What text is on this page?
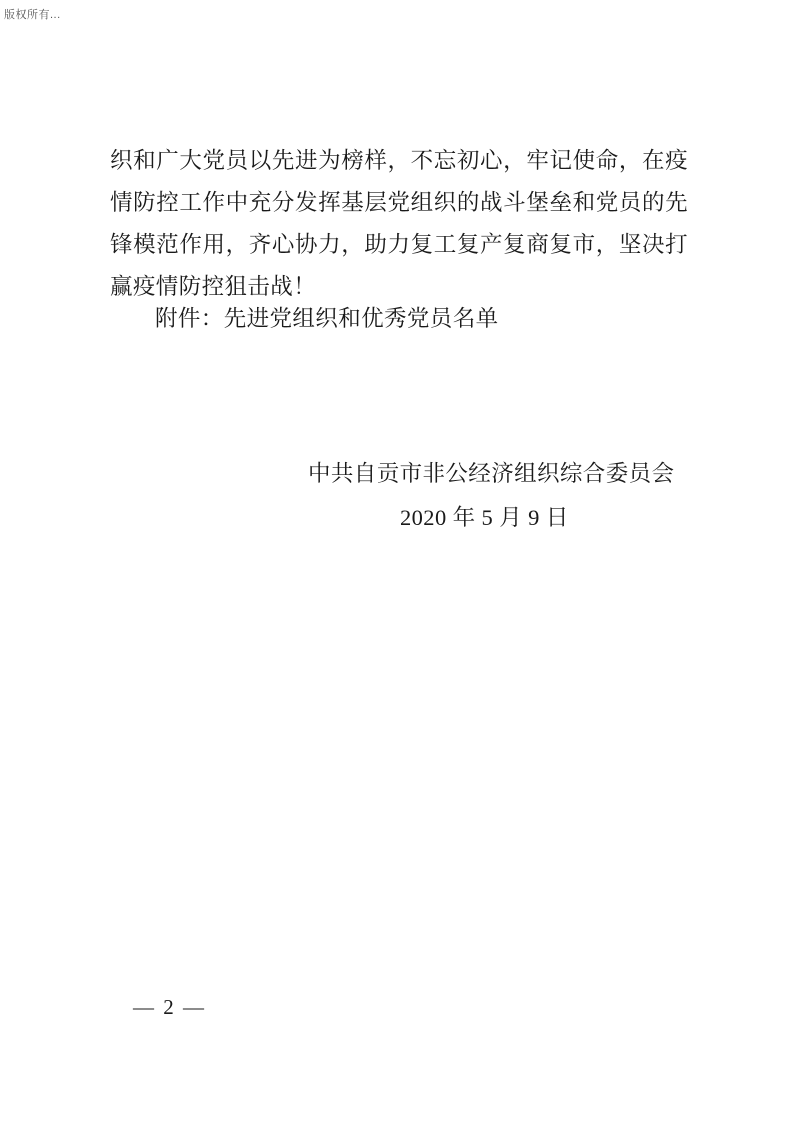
版权所有...

织和广大党员以先进为榜样，不忘初心，牢记使命，在疫情防控工作中充分发挥基层党组织的战斗堡垒和党员的先锋模范作用，齐心协力，助力复工复产复商复市，坚决打赢疫情防控狙击战！

附件：先进党组织和优秀党员名单
中共自贡市非公经济组织综合委员会
2020 年 5 月 9 日
— 2 —
